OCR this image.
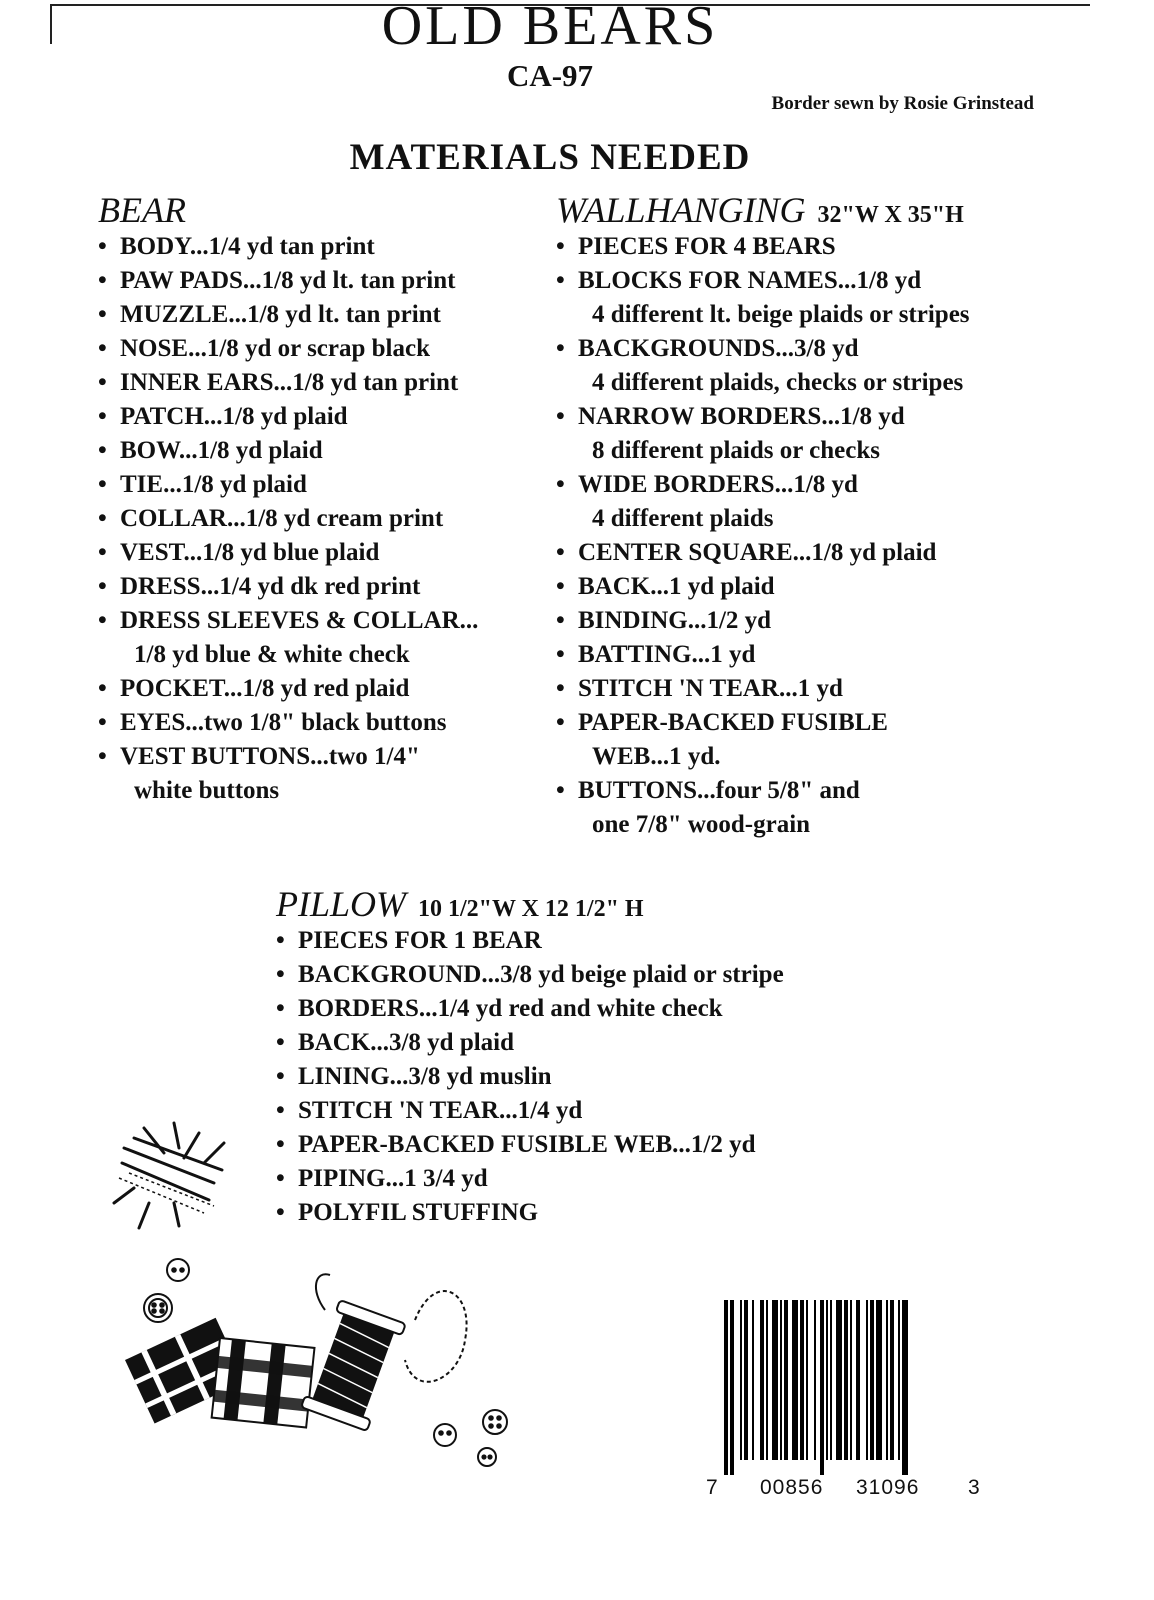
OLD BEARS
CA-97
Border sewn by Rosie Grinstead
MATERIALS NEEDED
BEAR
• BODY...1/4 yd tan print
• PAW PADS...1/8 yd lt. tan print
• MUZZLE...1/8 yd lt. tan print
• NOSE...1/8 yd or scrap black
• INNER EARS...1/8 yd tan print
• PATCH...1/8 yd plaid
• BOW...1/8 yd plaid
• TIE...1/8 yd plaid
• COLLAR...1/8 yd cream print
• VEST...1/8 yd blue plaid
• DRESS...1/4 yd dk red print
• DRESS SLEEVES & COLLAR...
1/8 yd blue & white check
• POCKET...1/8 yd red plaid
• EYES...two 1/8" black buttons
• VEST BUTTONS...two 1/4"
white buttons
WALLHANGING 32"W X 35"H
• PIECES FOR 4 BEARS
• BLOCKS FOR NAMES...1/8 yd
4 different lt. beige plaids or stripes
• BACKGROUNDS...3/8 yd
4 different plaids, checks or stripes
• NARROW BORDERS...1/8 yd
8 different plaids or checks
• WIDE BORDERS...1/8 yd
4 different plaids
• CENTER SQUARE...1/8 yd plaid
• BACK...1 yd plaid
• BINDING...1/2 yd
• BATTING...1 yd
• STITCH 'N TEAR...1 yd
• PAPER-BACKED FUSIBLE
WEB...1 yd.
• BUTTONS...four 5/8" and
one 7/8" wood-grain
PILLOW 10 1/2"W X 12 1/2" H
• PIECES FOR 1 BEAR
• BACKGROUND...3/8 yd beige plaid or stripe
• BORDERS...1/4 yd red and white check
• BACK...3/8 yd plaid
• LINING...3/8 yd muslin
• STITCH 'N TEAR...1/4 yd
• PAPER-BACKED FUSIBLE WEB...1/2 yd
• PIPING...1 3/4 yd
• POLYFIL STUFFING
7 00856 31096 3
